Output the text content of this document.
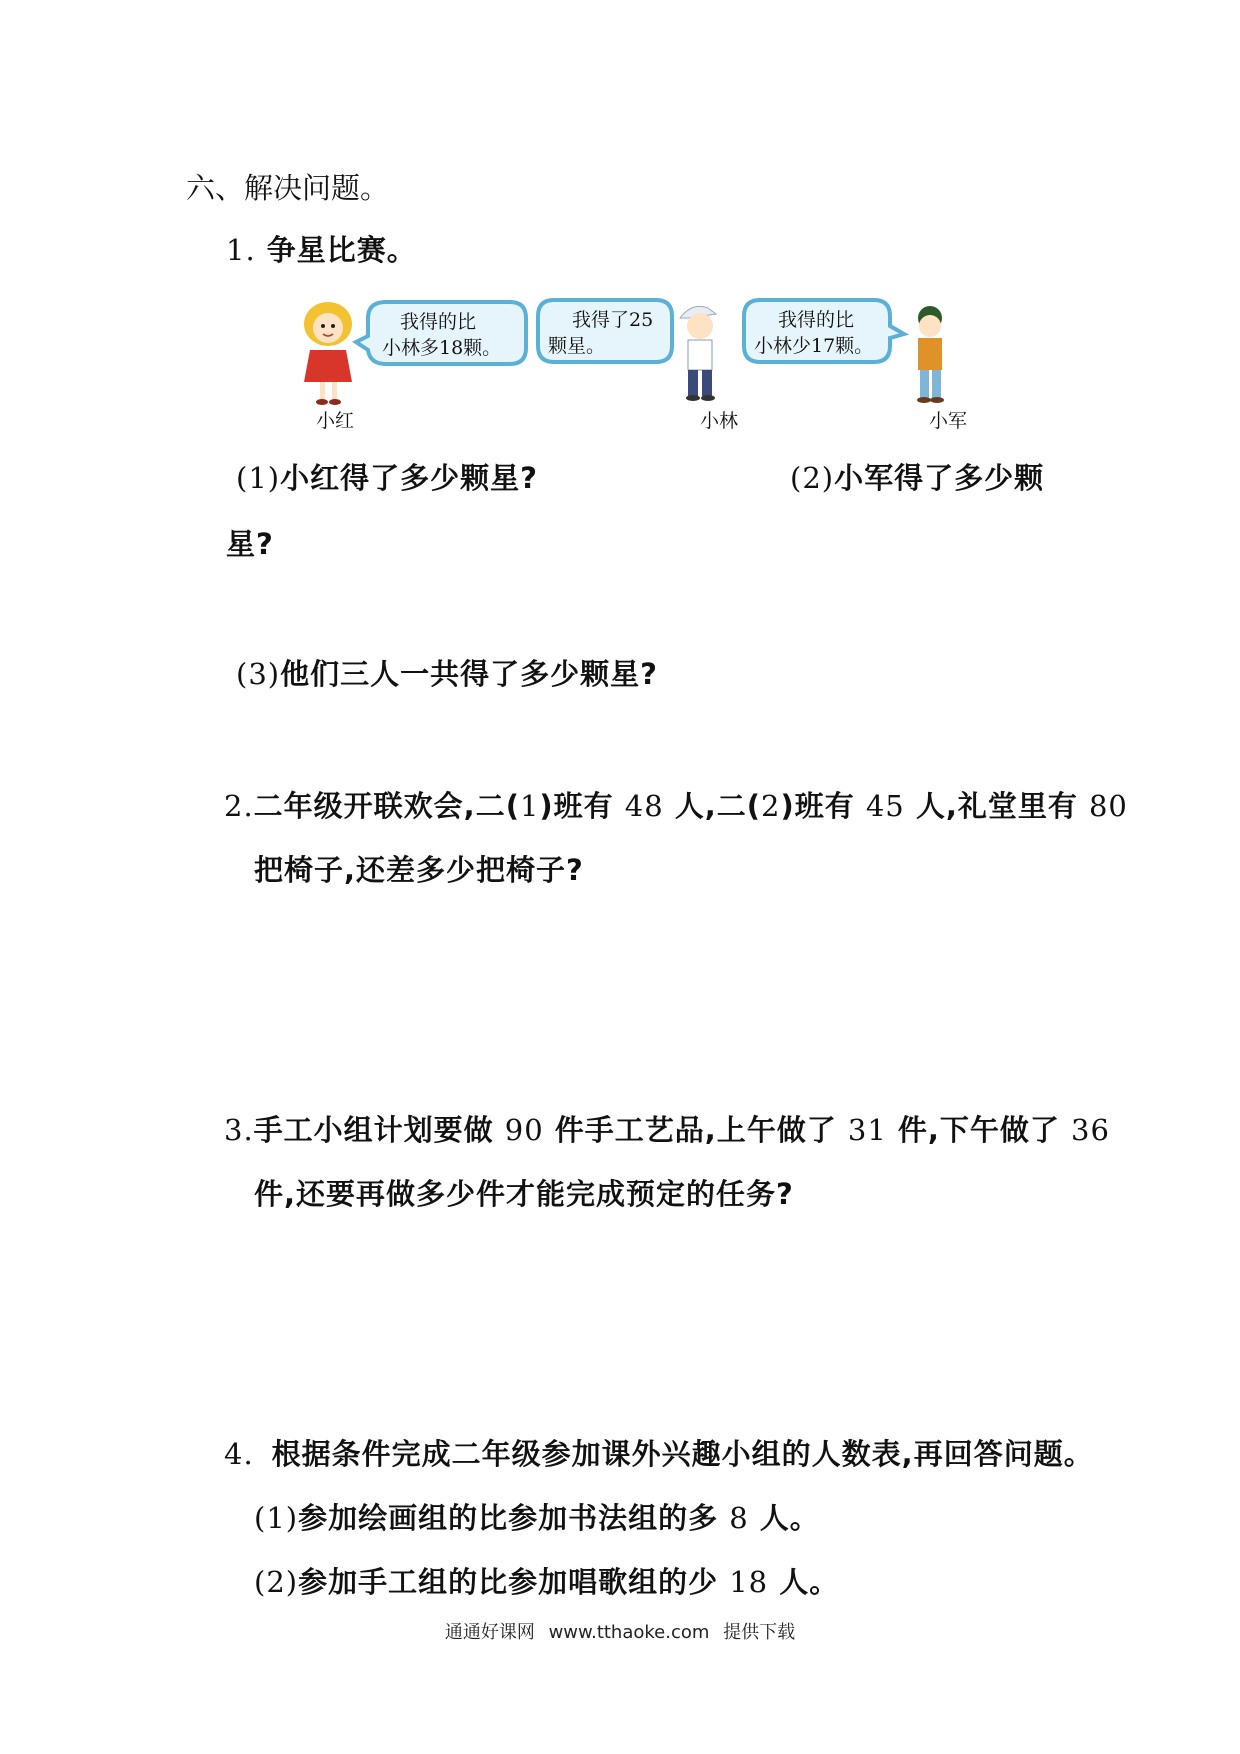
六、解决问题。
1. 争星比赛。
我得的比
小林多18颗。
我得了25
颗星。
我得的比
小林少17颗。
小红	小林	小军
(1)小红得了多少颗星?	(2)小军得了多少颗
星?
(3)他们三人一共得了多少颗星?
2.二年级开联欢会,二(1)班有 48 人,二(2)班有 45 人,礼堂里有 80
把椅子,还差多少把椅子?
3.手工小组计划要做 90 件手工艺品,上午做了 31 件,下午做了 36
件,还要再做多少件才能完成预定的任务?
4. 根据条件完成二年级参加课外兴趣小组的人数表,再回答问题。
(1)参加绘画组的比参加书法组的多 8 人。
(2)参加手工组的比参加唱歌组的少 18 人。
通通好课网 www.tthaoke.com 提供下载
